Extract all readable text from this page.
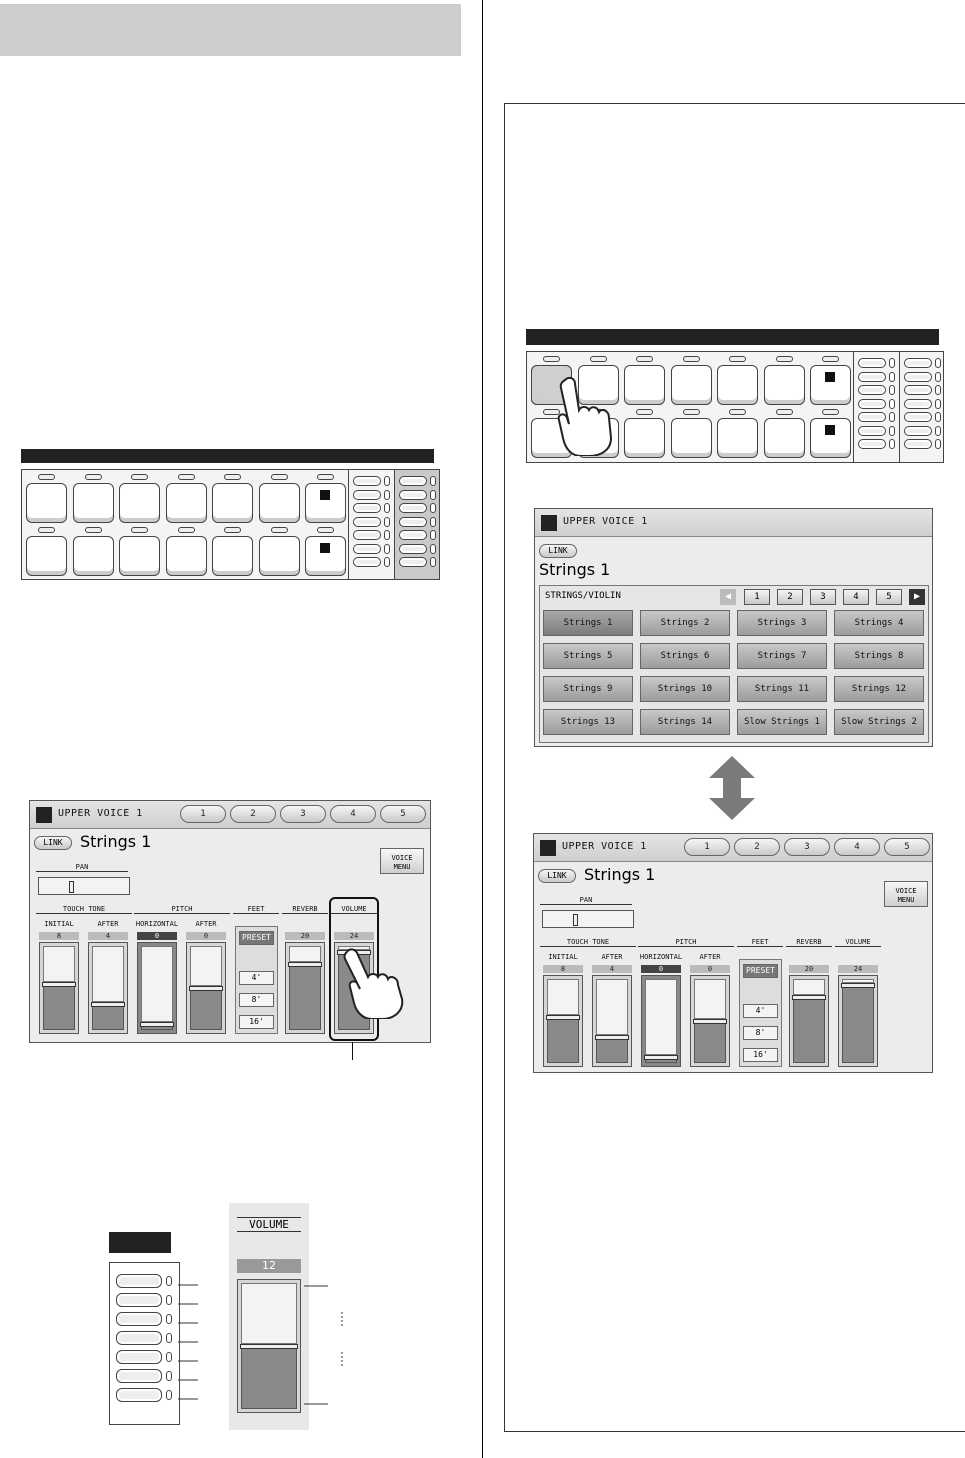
UPPER VOICE 1	1	2	3	4	5
LINK	Strings 1
VOICE
MENU
PAN
TOUCH TONE	PITCH	FEET	REVERB	VOLUME
INITIAL	AFTER	HORIZONTAL	AFTER
8	4	0	0	20	24
PRESET
4'
8'
16'
UPPER VOICE 1
LINK
Strings 1
STRINGS/VIOLIN	◀	1	2	3	4	5	▶
Strings 1	Strings 2	Strings 3	Strings 4
Strings 5	Strings 6	Strings 7	Strings 8
Strings 9	Strings 10	Strings 11	Strings 12
Strings 13	Strings 14	Slow Strings 1	Slow Strings 2
UPPER VOICE 1	1	2	3	4	5
LINK	Strings 1
VOICE
MENU
PAN
TOUCH TONE	PITCH	FEET	REVERB	VOLUME
INITIAL	AFTER	HORIZONTAL	AFTER
8	4	0	0	20	24
PRESET
4'
8'
16'
VOLUME
12
